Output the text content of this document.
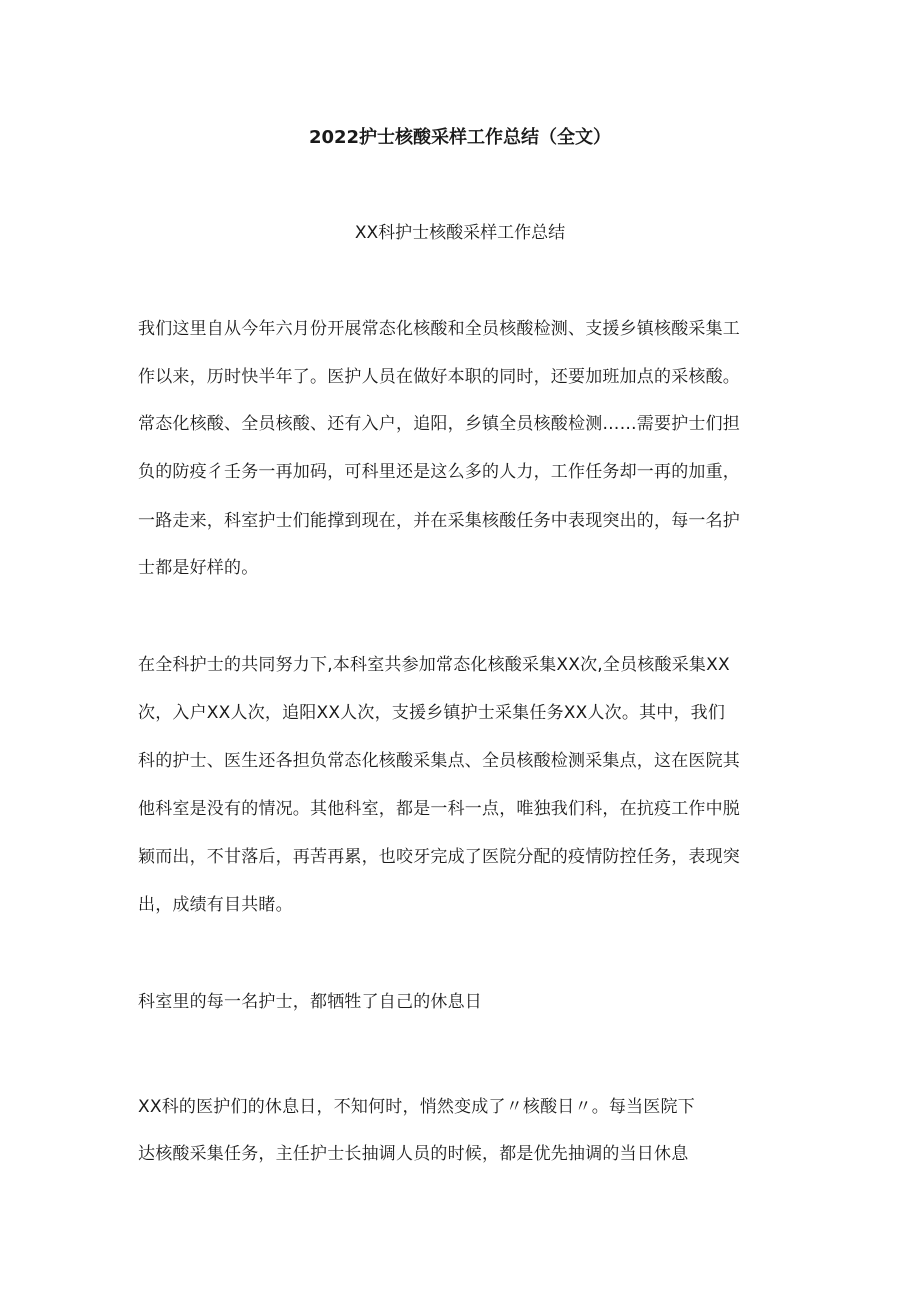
2022护士核酸采样工作总结（全文）
XX科护士核酸采样工作总结
我们这里自从今年六月份开展常态化核酸和全员核酸检测、支援乡镇核酸采集工
作以来，历时快半年了。医护人员在做好本职的同时，还要加班加点的采核酸。
常态化核酸、全员核酸、还有入户，追阳，乡镇全员核酸检测……需要护士们担
负的防疫彳壬务一再加码，可科里还是这么多的人力，工作任务却一再的加重，
一路走来，科室护士们能撑到现在，并在采集核酸任务中表现突出的，每一名护
士都是好样的。
在全科护士的共同努力下,本科室共参加常态化核酸采集XX次,全员核酸采集XX
次，入户XX人次，追阳XX人次，支援乡镇护士采集任务XX人次。其中，我们
科的护士、医生还各担负常态化核酸采集点、全员核酸检测采集点，这在医院其
他科室是没有的情况。其他科室，都是一科一点，唯独我们科，在抗疫工作中脱
颖而出，不甘落后，再苦再累，也咬牙完成了医院分配的疫情防控任务，表现突
出，成绩有目共睹。
科室里的每一名护士，都牺牲了自己的休息日
XX科的医护们的休息日，不知何时，悄然变成了〃核酸日〃。每当医院下
达核酸采集任务，主任护士长抽调人员的时候，都是优先抽调的当日休息
